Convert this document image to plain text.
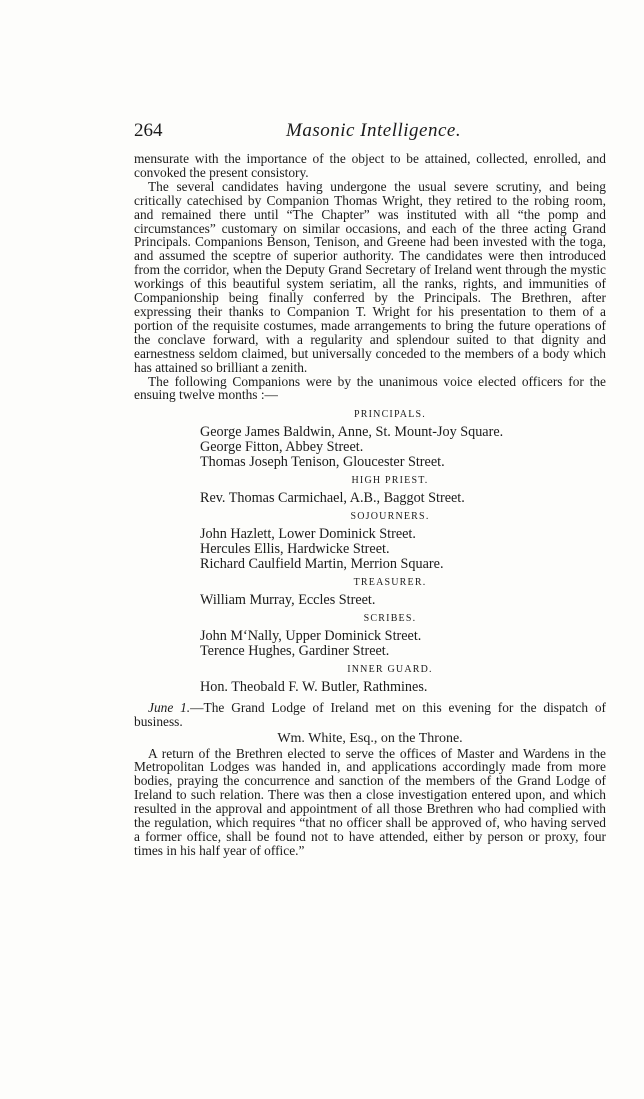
264	Masonic Intelligence.

mensurate with the importance of the object to be attained, collected, enrolled, and convoked the present consistory.

The several candidates having undergone the usual severe scrutiny, and being critically catechised by Companion Thomas Wright, they retired to the robing room, and remained there until “The Chapter” was instituted with all “the pomp and circumstances” customary on similar occasions, and each of the three acting Grand Principals. Companions Benson, Tenison, and Greene had been invested with the toga, and assumed the sceptre of superior authority. The candidates were then introduced from the corridor, when the Deputy Grand Secretary of Ireland went through the mystic workings of this beautiful system seriatim, all the ranks, rights, and immunities of Companionship being finally conferred by the Principals. The Brethren, after expressing their thanks to Companion T. Wright for his presentation to them of a portion of the requisite costumes, made arrangements to bring the future operations of the conclave forward, with a regularity and splendour suited to that dignity and earnestness seldom claimed, but universally conceded to the members of a body which has attained so brilliant a zenith.

The following Companions were by the unanimous voice elected officers for the ensuing twelve months :—

PRINCIPALS.
George James Baldwin, Anne, St. Mount-Joy Square.
George Fitton, Abbey Street.
Thomas Joseph Tenison, Gloucester Street.
HIGH PRIEST.
Rev. Thomas Carmichael, A.B., Baggot Street.
SOJOURNERS.
John Hazlett, Lower Dominick Street.
Hercules Ellis, Hardwicke Street.
Richard Caulfield Martin, Merrion Square.
TREASURER.
William Murray, Eccles Street.
SCRIBES.
John M‘Nally, Upper Dominick Street.
Terence Hughes, Gardiner Street.
INNER GUARD.
Hon. Theobald F. W. Butler, Rathmines.

June 1.—The Grand Lodge of Ireland met on this evening for the dispatch of business.

Wm. White, Esq., on the Throne.

A return of the Brethren elected to serve the offices of Master and Wardens in the Metropolitan Lodges was handed in, and applications accordingly made from more bodies, praying the concurrence and sanction of the members of the Grand Lodge of Ireland to such relation. There was then a close investigation entered upon, and which resulted in the approval and appointment of all those Brethren who had complied with the regulation, which requires “that no officer shall be approved of, who having served a former office, shall be found not to have attended, either by person or proxy, four times in his half year of office.”
